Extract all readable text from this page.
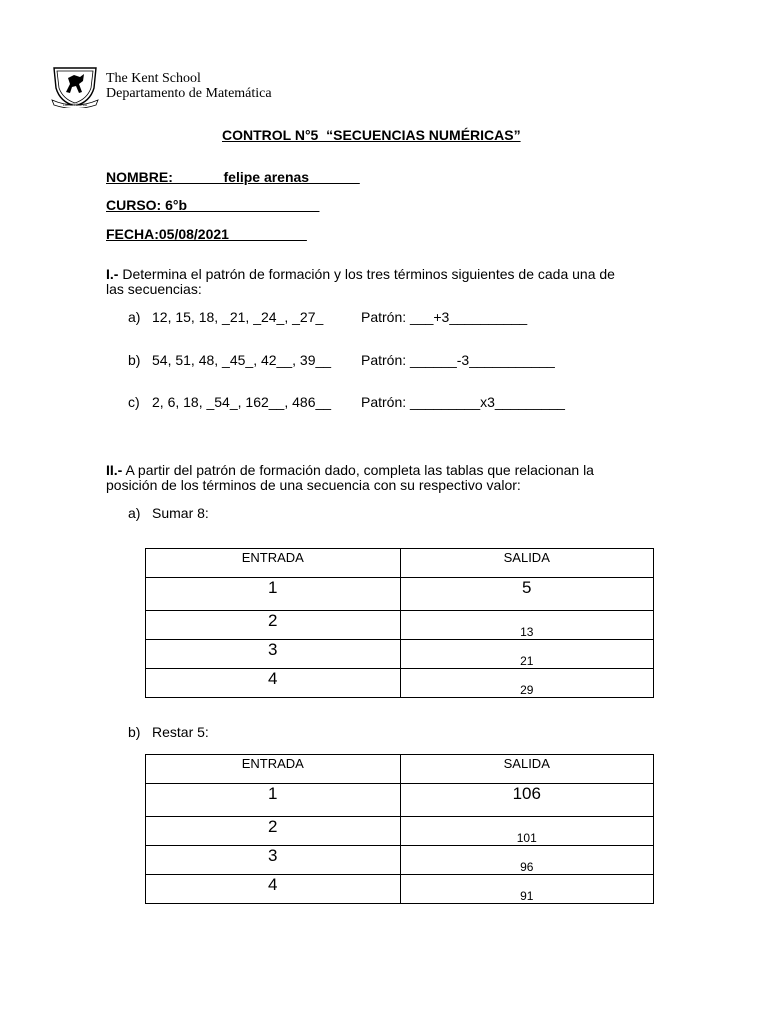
LABOR OMNIA
The Kent School
Departamento de Matemática
CONTROL N°5  “SECUENCIAS NUMÉRICAS”
NOMBRE: ______felipe arenas ______
CURSO: 6°b_________________
FECHA:05/08/2021__________
I.- Determina el patrón de formación y los tres términos siguientes de cada una de
las secuencias:
a) 12, 15, 18, _21, _24_, _27_	Patrón: ___+3__________
b) 54, 51, 48, _45_, 42__, 39__ Patrón: ______-3___________
c) 2, 6, 18, _54_, 162__, 486__ Patrón: _________x3_________
II.- A partir del patrón de formación dado, completa las tablas que relacionan la
posición de los términos de una secuencia con su respectivo valor:
a) Sumar 8:
ENTRADA	SALIDA
1	5
2	13
3	21
4	29
b) Restar 5:
ENTRADA	SALIDA
1	106
2	101
3	96
4	91
